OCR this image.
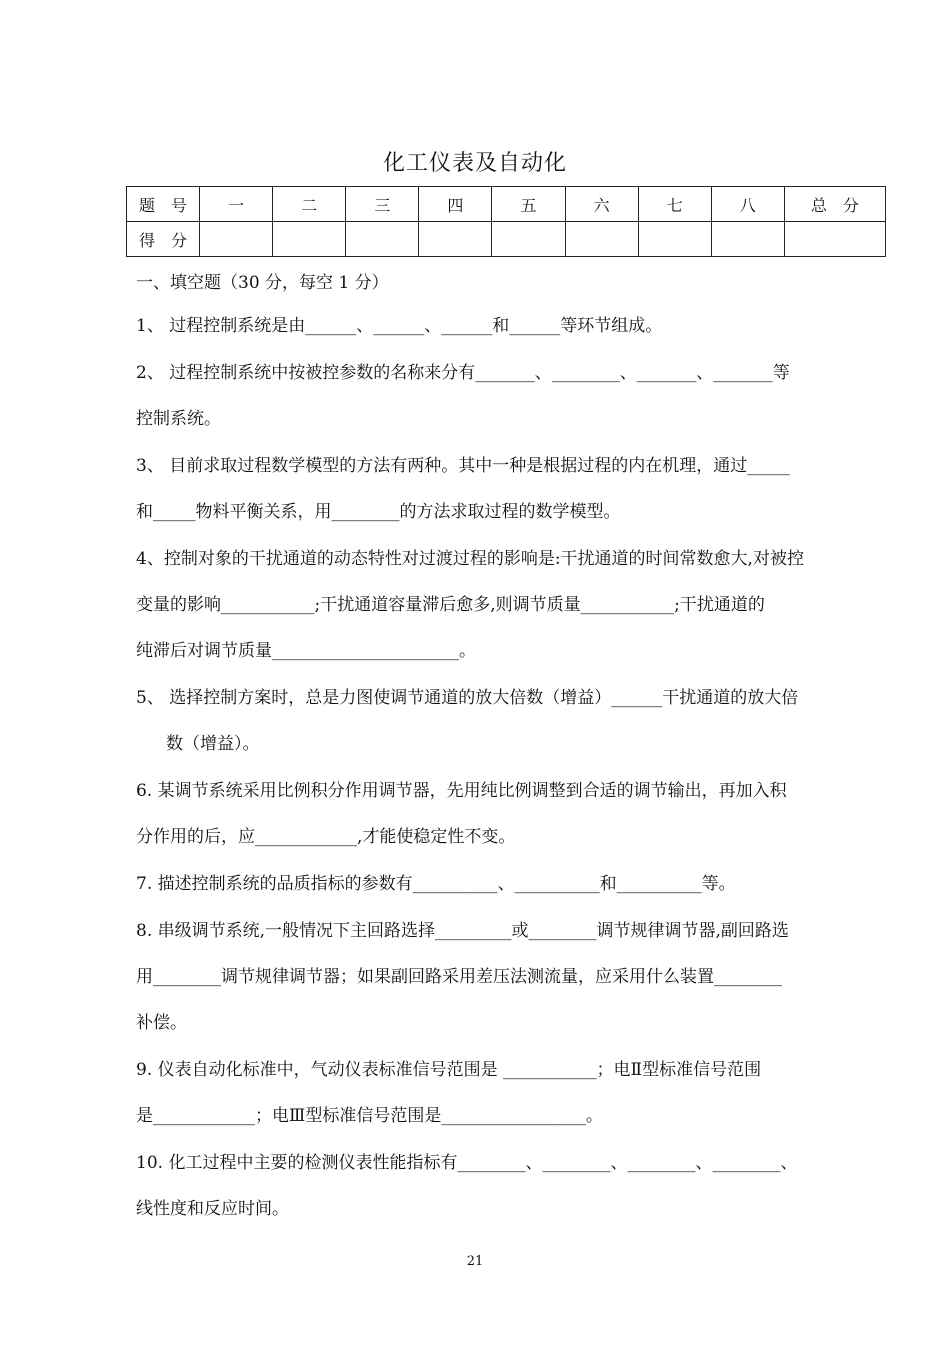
化工仪表及自动化
题　号	一	二	三	四	五	六	七	八	总　分
得　分									
一、填空题（30 分，每空 1 分）
1、 过程控制系统是由______、______、______和______等环节组成。
2、 过程控制系统中按被控参数的名称来分有_______、________、_______、_______等
控制系统。
3、 目前求取过程数学模型的方法有两种。其中一种是根据过程的内在机理，通过_____
和_____物料平衡关系，用________的方法求取过程的数学模型。
4、控制对象的干扰通道的动态特性对过渡过程的影响是:干扰通道的时间常数愈大,对被控
变量的影响___________;干扰通道容量滞后愈多,则调节质量___________;干扰通道的
纯滞后对调节质量______________________。
5、 选择控制方案时，总是力图使调节通道的放大倍数（增益）______干扰通道的放大倍
数（增益）。
6. 某调节系统采用比例积分作用调节器，先用纯比例调整到合适的调节输出，再加入积
分作用的后，应____________,才能使稳定性不变。
7. 描述控制系统的品质指标的参数有__________、__________和__________等。
8. 串级调节系统,一般情况下主回路选择_________或________调节规律调节器,副回路选
用________调节规律调节器；如果副回路采用差压法测流量，应采用什么装置________
补偿。
9. 仪表自动化标准中，气动仪表标准信号范围是 ___________；电Ⅱ型标准信号范围
是____________；电Ⅲ型标准信号范围是_________________。
10. 化工过程中主要的检测仪表性能指标有________、________、________、________、
线性度和反应时间。
21
